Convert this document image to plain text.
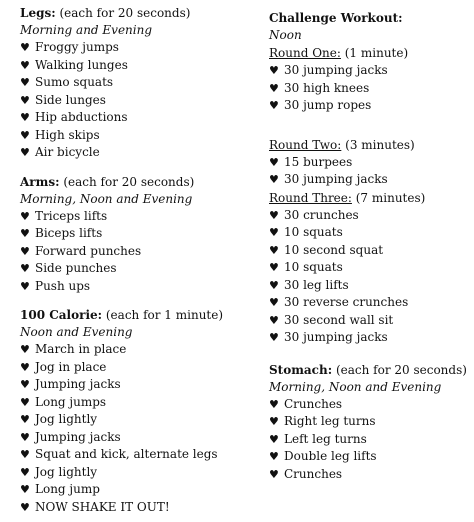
Legs: (each for 20 seconds)
Morning and Evening
♥ Froggy jumps
♥ Walking lunges
♥ Sumo squats
♥ Side lunges
♥ Hip abductions
♥ High skips
♥ Air bicycle
Arms: (each for 20 seconds)
Morning, Noon and Evening
♥ Triceps lifts
♥ Biceps lifts
♥ Forward punches
♥ Side punches
♥ Push ups
100 Calorie: (each for 1 minute)
Noon and Evening
♥ March in place
♥ Jog in place
♥ Jumping jacks
♥ Long jumps
♥ Jog lightly
♥ Jumping jacks
♥ Squat and kick, alternate legs
♥ Jog lightly
♥ Long jump
♥ NOW SHAKE IT OUT!
Challenge Workout:
Noon
Round One: (1 minute)
♥ 30 jumping jacks
♥ 30 high knees
♥ 30 jump ropes
Round Two: (3 minutes)
♥ 15 burpees
♥ 30 jumping jacks
Round Three: (7 minutes)
♥ 30 crunches
♥ 10 squats
♥ 10 second squat
♥ 10 squats
♥ 30 leg lifts
♥ 30 reverse crunches
♥ 30 second wall sit
♥ 30 jumping jacks
Stomach: (each for 20 seconds)
Morning, Noon and Evening
♥ Crunches
♥ Right leg turns
♥ Left leg turns
♥ Double leg lifts
♥ Crunches
